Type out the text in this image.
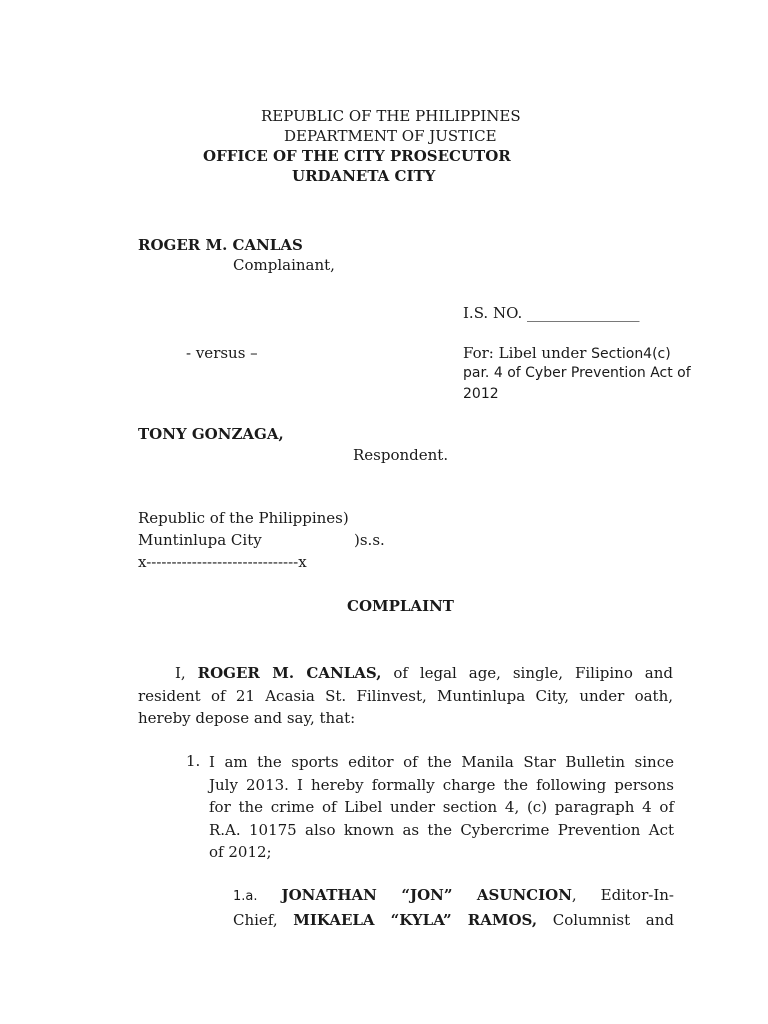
REPUBLIC OF THE PHILIPPINES
DEPARTMENT OF JUSTICE
OFFICE OF THE CITY PROSECUTOR
URDANETA CITY
ROGER M. CANLAS
Complainant,
I.S. NO. _______________
- versus –	For: Libel under Section4(c)
par. 4 of Cyber Prevention Act of
2012
TONY GONZAGA,
Respondent.
Republic of the Philippines)
Muntinlupa City	)s.s.
x------------------------------x
COMPLAINT
I, ROGER M. CANLAS, of legal age, single, Filipino and
resident of 21 Acasia St. Filinvest, Muntinlupa City, under oath,
hereby depose and say, that:
1. I am the sports editor of the Manila Star Bulletin since
July 2013. I hereby formally charge the following persons
for the crime of Libel under section 4, (c) paragraph 4 of
R.A. 10175 also known as the Cybercrime Prevention Act
of 2012;
1.a. JONATHAN “JON” ASUNCION, Editor-In-
Chief, MIKAELA “KYLA” RAMOS, Columnist and
